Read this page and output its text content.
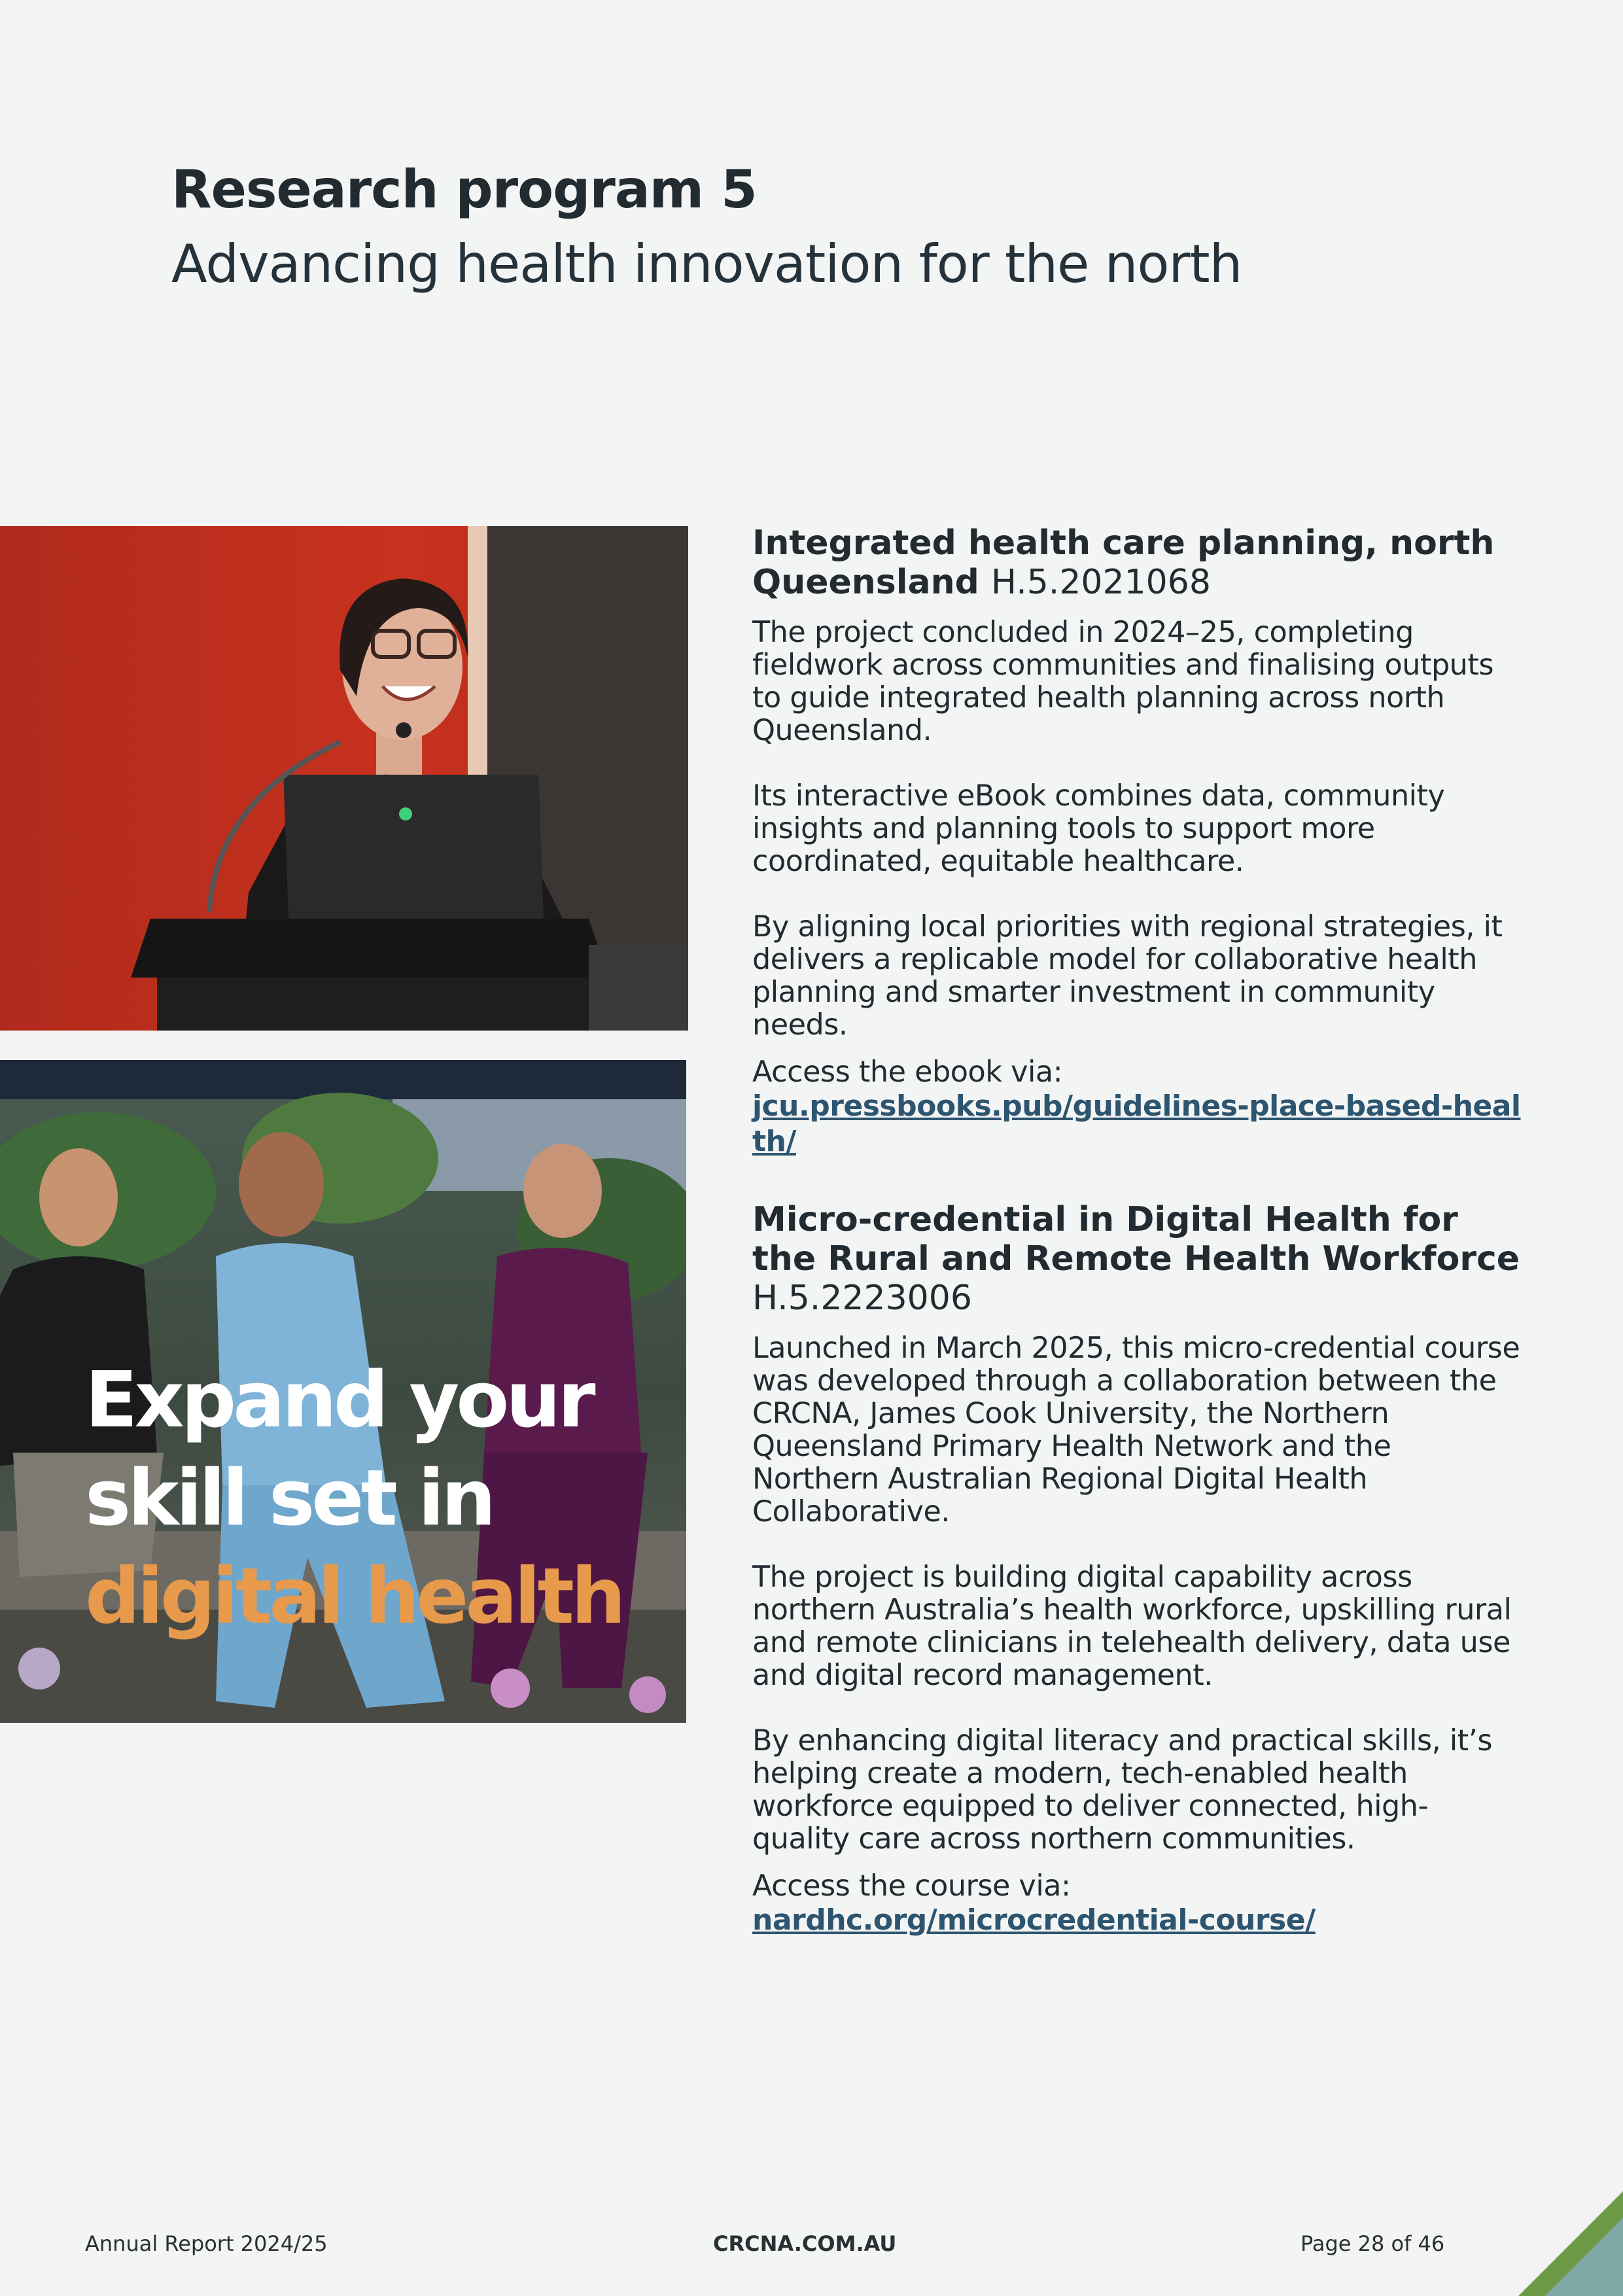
Research program 5
Advancing health innovation for the north
Expand your
skill set in
digital health
Integrated health care planning, north Queensland H.5.2021068

The project concluded in 2024–25, completing fieldwork across communities and finalising outputs to guide integrated health planning across north Queensland.

Its interactive eBook combines data, community insights and planning tools to support more coordinated, equitable healthcare.

By aligning local priorities with regional strategies, it delivers a replicable model for collaborative health planning and smarter investment in community needs.

Access the ebook via:

jcu.pressbooks.pub/guidelines-place-based-health/
Micro-credential in Digital Health for the Rural and Remote Health Workforce H.5.2223006

Launched in March 2025, this micro-credential course was developed through a collaboration between the CRCNA, James Cook University, the Northern Queensland Primary Health Network and the Northern Australian Regional Digital Health Collaborative.

The project is building digital capability across northern Australia’s health workforce, upskilling rural and remote clinicians in telehealth delivery, data use and digital record management.

By enhancing digital literacy and practical skills, it’s helping create a modern, tech-enabled health workforce equipped to deliver connected, high-quality care across northern communities.

Access the course via:

nardhc.org/microcredential-course/
Annual Report 2024/25	CRCNA.COM.AU	Page 28 of 46
